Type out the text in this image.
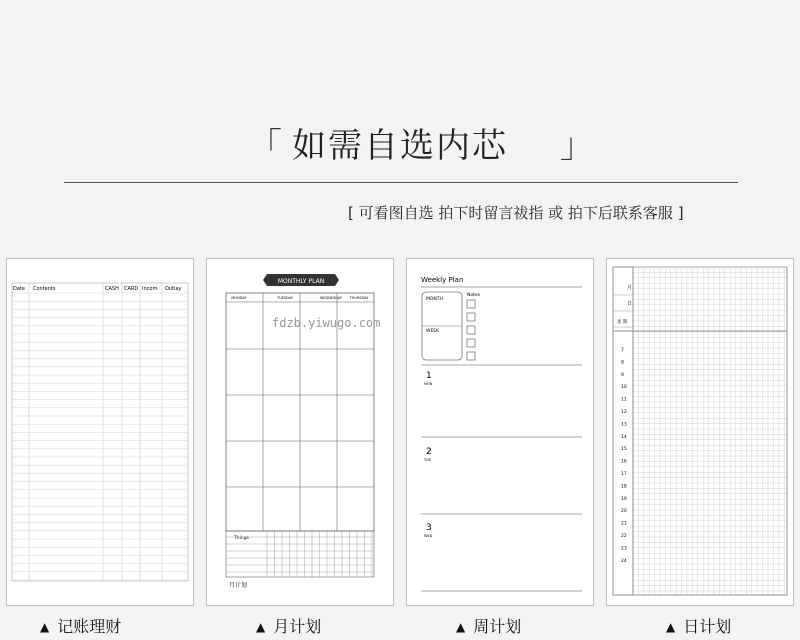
「 如需自选内芯	」
[ 可看图自选 拍下时留言祓指 或 拍下后联系客服 ]
Date Contents	CASH CARD Incom Outlay
▲ 记账理财
MONTHLY PLAN
MONDAY	TUESDAY	WEDNESDAY THURSDAY
Things
月计划
▲ 月计划
fdzb.yiwugo.com
Weekly Plan
MONTH
WEEK
Notes
1
MON
2
TUE
3
WED
▲ 周计划
7
8
9
10
11
12
13
14
15
16
17
18
19
20
21
22
23
24
月
日
星 期
▲ 日计划
